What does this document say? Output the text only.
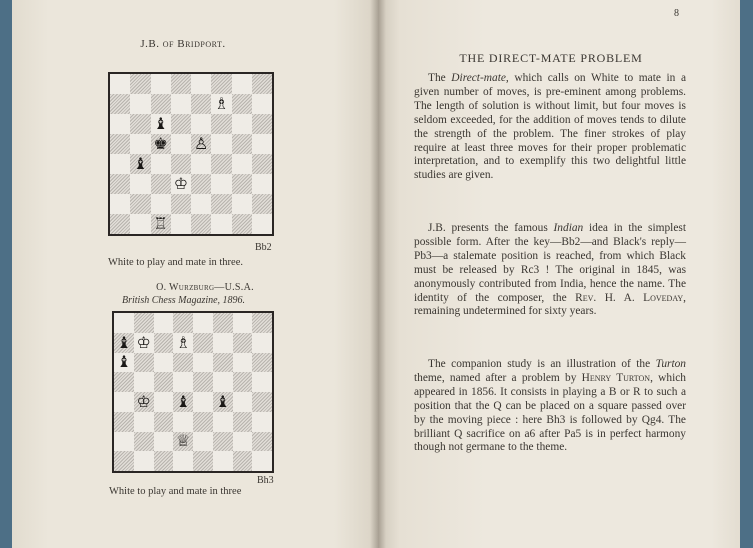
J.B. of Bridport.
♗
♝
♚ ♙
♝
♔
♖
Bb2
White to play and mate in three.
O. Wurzburg—U.S.A.
British Chess Magazine, 1896.
♝ ♔ ♗
♝
♔ ♝ ♝
♕
Bh3
White to play and mate in three
8
THE DIRECT-MATE PROBLEM

The Direct-mate, which calls on White to mate in a given number of moves, is pre-eminent among problems. The length of solution is without limit, but four moves is seldom exceeded, for the addition of moves tends to dilute the strength of the problem. The finer strokes of play require at least three moves for their proper problematic interpretation, and to exemplify this two delightful little studies are given.

J.B. presents the famous Indian idea in the simplest possible form. After the key—Bb2—and Black's reply—Pb3—a stalemate position is reached, from which Black must be released by Rc3 ! The original in 1845, was anonymously contributed from India, hence the name. The identity of the composer, the Rev. H. A. Loveday, remaining undetermined for sixty years.

The companion study is an illustration of the Turton theme, named after a problem by Henry Turton, which appeared in 1856. It consists in playing a B or R to such a position that the Q can be placed on a square passed over by the moving piece : here Bh3 is followed by Qg4. The brilliant Q sacrifice on a6 after Pa5 is in perfect harmony though not germane to the theme.
